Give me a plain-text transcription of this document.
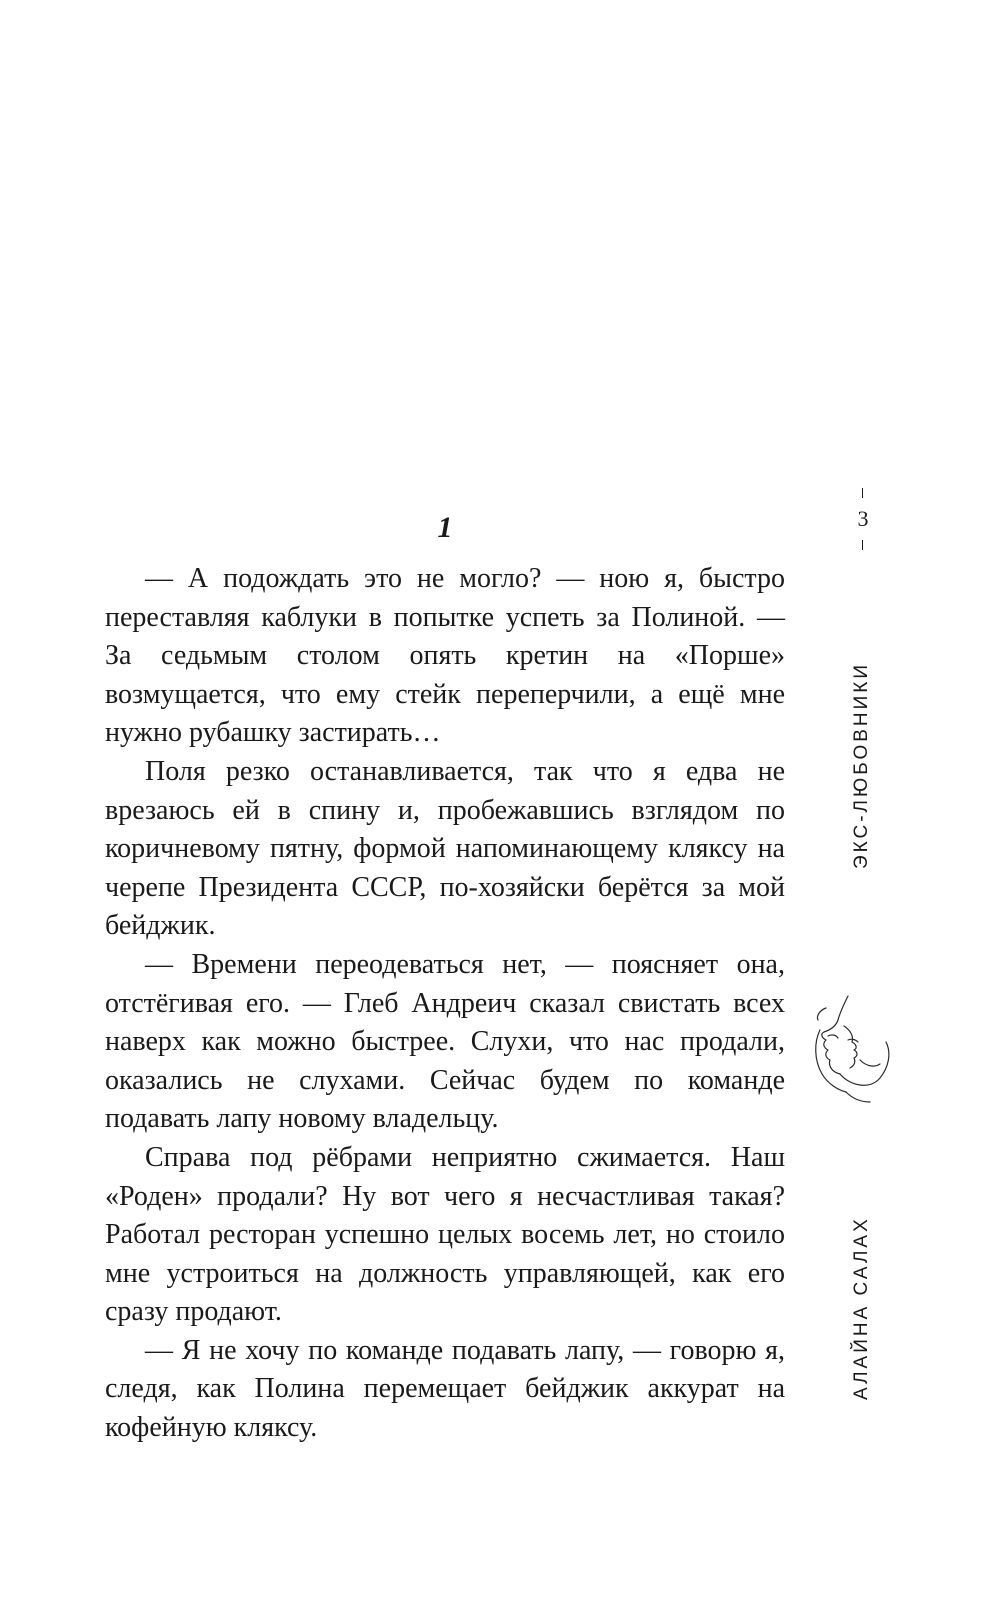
1

— А подождать это не могло? — ною я, быстро переставляя каблуки в попытке успеть за Полиной. — За седьмым столом опять кретин на «Порше» возмущается, что ему стейк переперчили, а ещё мне нужно рубашку застирать…

Поля резко останавливается, так что я едва не врезаюсь ей в спину и, пробежавшись взглядом по коричневому пятну, формой напоминающему кляксу на черепе Президента СССР, по-хозяйски берётся за мой бейджик.

— Времени переодеваться нет, — поясняет она, отстёгивая его. — Глеб Андреич сказал свистать всех наверх как можно быстрее. Слухи, что нас продали, оказались не слухами. Сейчас будем по команде подавать лапу новому владельцу.

Справа под рёбрами неприятно сжимается. Наш «Роден» продали? Ну вот чего я несчастливая такая? Работал ресторан успешно целых восемь лет, но стоило мне устроиться на должность управляющей, как его сразу продают.

— Я не хочу по команде подавать лапу, — говорю я, следя, как Полина перемещает бейджик аккурат на кофейную кляксу.

3
ЭКС-ЛЮБОВНИКИ
АЛАЙНА САЛАХ
